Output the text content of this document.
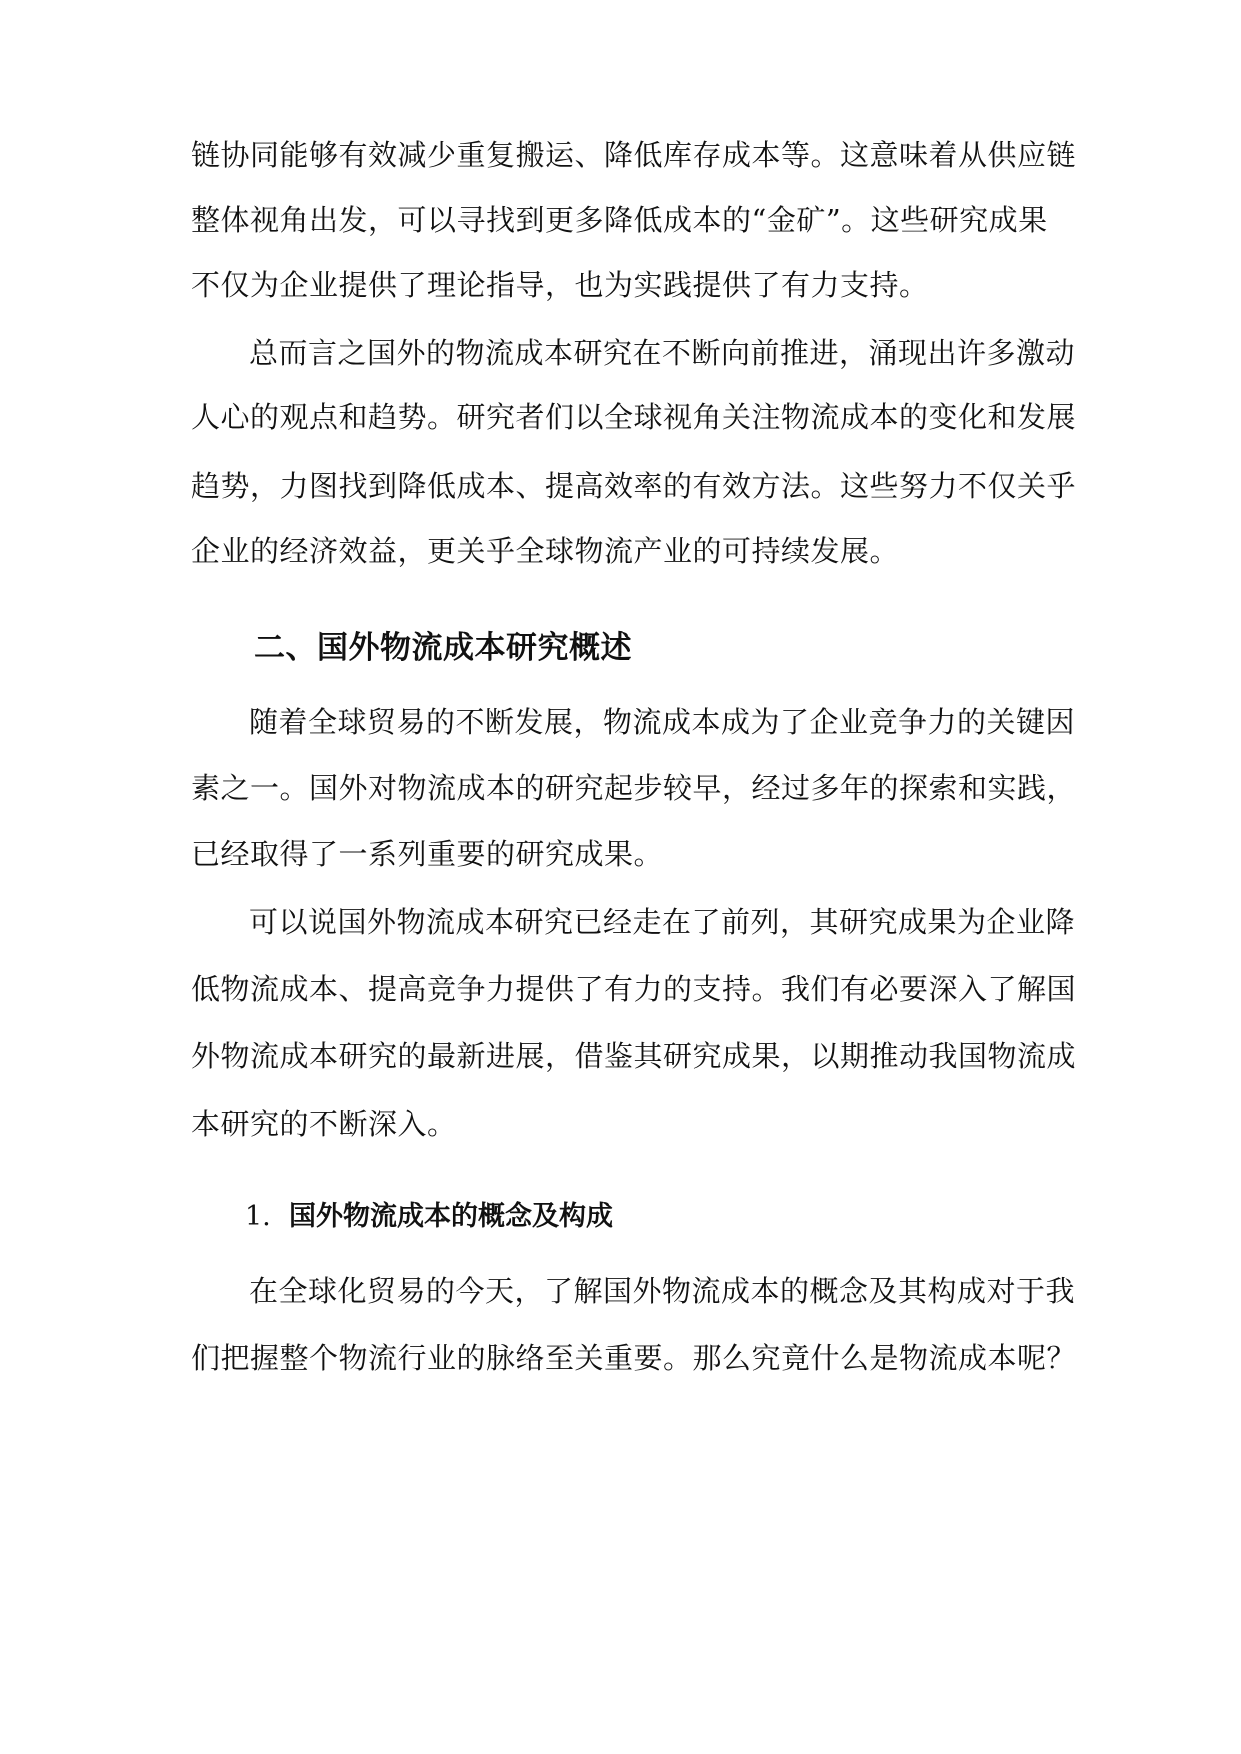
链协同能够有效减少重复搬运、降低库存成本等。这意味着从供应链
整体视角出发，可以寻找到更多降低成本的“金矿”。这些研究成果
不仅为企业提供了理论指导，也为实践提供了有力支持。
总而言之国外的物流成本研究在不断向前推进，涌现出许多激动
人心的观点和趋势。研究者们以全球视角关注物流成本的变化和发展
趋势，力图找到降低成本、提高效率的有效方法。这些努力不仅关乎
企业的经济效益，更关乎全球物流产业的可持续发展。
二、国外物流成本研究概述
随着全球贸易的不断发展，物流成本成为了企业竞争力的关键因
素之一。国外对物流成本的研究起步较早，经过多年的探索和实践，
已经取得了一系列重要的研究成果。
可以说国外物流成本研究已经走在了前列，其研究成果为企业降
低物流成本、提高竞争力提供了有力的支持。我们有必要深入了解国
外物流成本研究的最新进展，借鉴其研究成果，以期推动我国物流成
本研究的不断深入。
1. 国外物流成本的概念及构成
在全球化贸易的今天，了解国外物流成本的概念及其构成对于我
们把握整个物流行业的脉络至关重要。那么究竟什么是物流成本呢？
